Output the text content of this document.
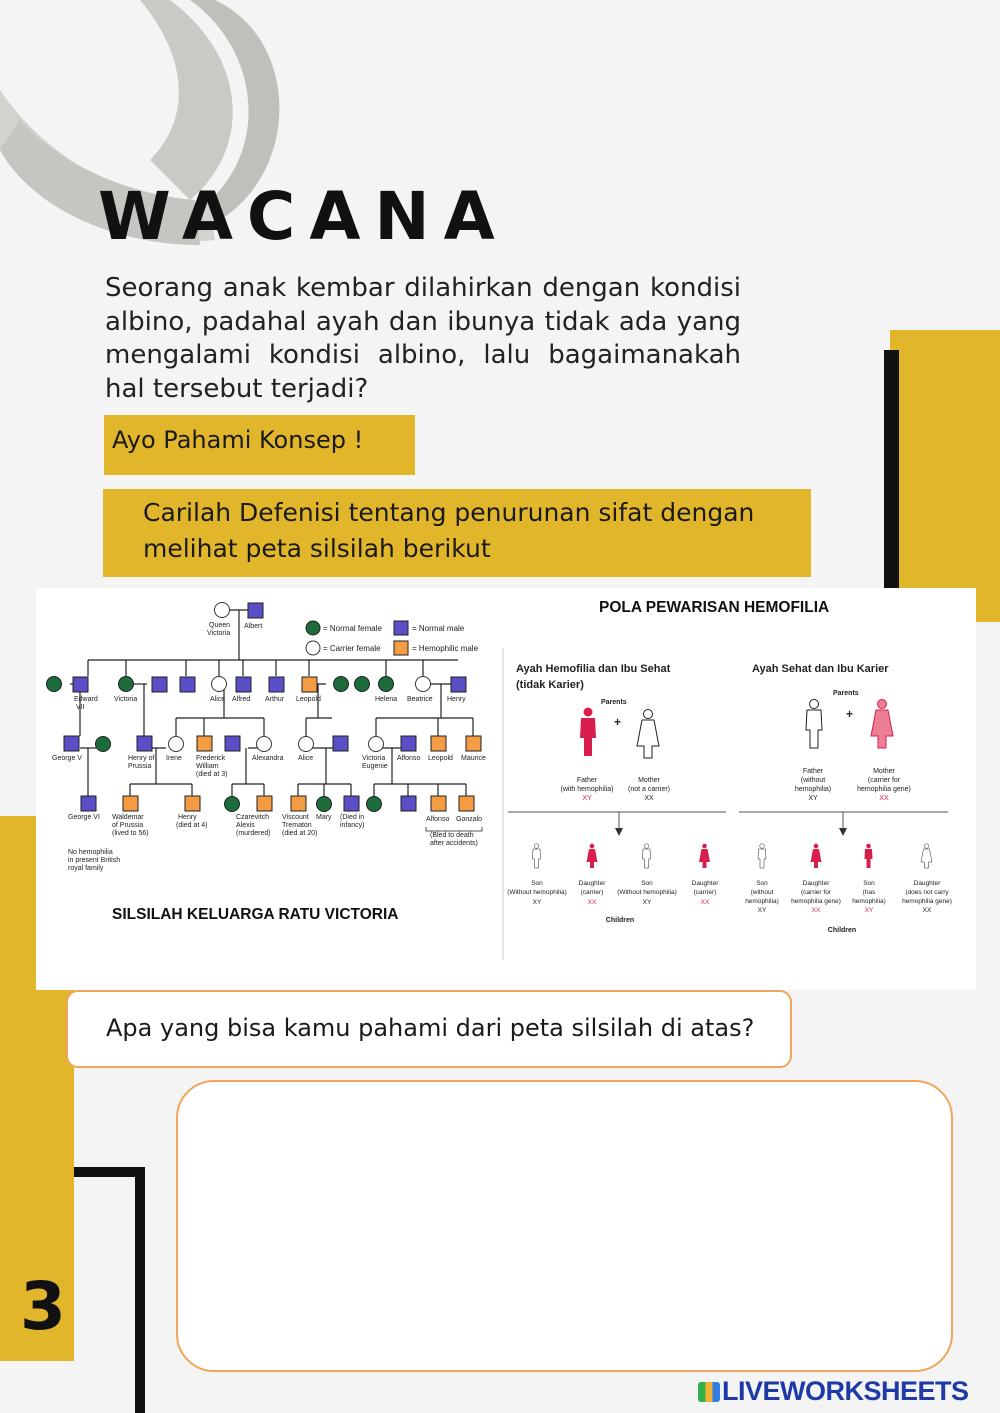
WACANA

Seorang anak kembar dilahirkan dengan kondisi albino, padahal ayah dan ibunya tidak ada yang mengalami kondisi albino, lalu bagaimanakah hal tersebut terjadi?

Ayo Pahami Konsep !
Carilah Defenisi tentang penurunan sifat dengan
melihat peta silsilah berikut
= Normal female
= Carrier female
= Normal male
= Hemophilic male
Queen
Victoria
Albert
Edward
VII
Victoria	Alice Alfred Arthur Leopold	Helena Beatrice Henry
George V	Henry of
Prussia
Irene Frederick
William
(died at 3)
Alexandra Alice	Victoria
Eugenie
Alfonso Leopold Maurice
George VI Waldemar
of Prussia
(lived to 56)
Henry
(died at 4)
Czarevitch
Alexis
(murdered)
Viscount
Trematon
(died at 20)
Mary (Died in
infancy)
Alfonso Gonzalo
(Bled to death
after accidents)
No hemophilia
in present British
royal family
SILSILAH KELUARGA RATU VICTORIA
POLA PEWARISAN HEMOFILIA
Ayah Hemofilia dan Ibu Sehat
(tidak Karier)
Parents
+
Father
(with hemophilia)
XY
Mother
(not a carrier)
XX
Son
(Without hemophilia)
XY
Daughter
(carrier)
XX
Son
(Without hemophilia)
XY
Daughter
(carrier)
XX
Children
Ayah Sehat dan Ibu Karier
Parents
+
Father
(without
hemophilia)
XY
Mother
(carrier for
hemophilia gene)
XX
Son
(without
hemophilia)
XY
Daughter
(carrier for
hemophilia gene)
XX
Son
(has
hemophilia)
XY
Daughter
(does not carry
hemophilia gene)
XX
Children
Apa yang bisa kamu pahami dari peta silsilah di atas?
3
LIVEWORKSHEETS
